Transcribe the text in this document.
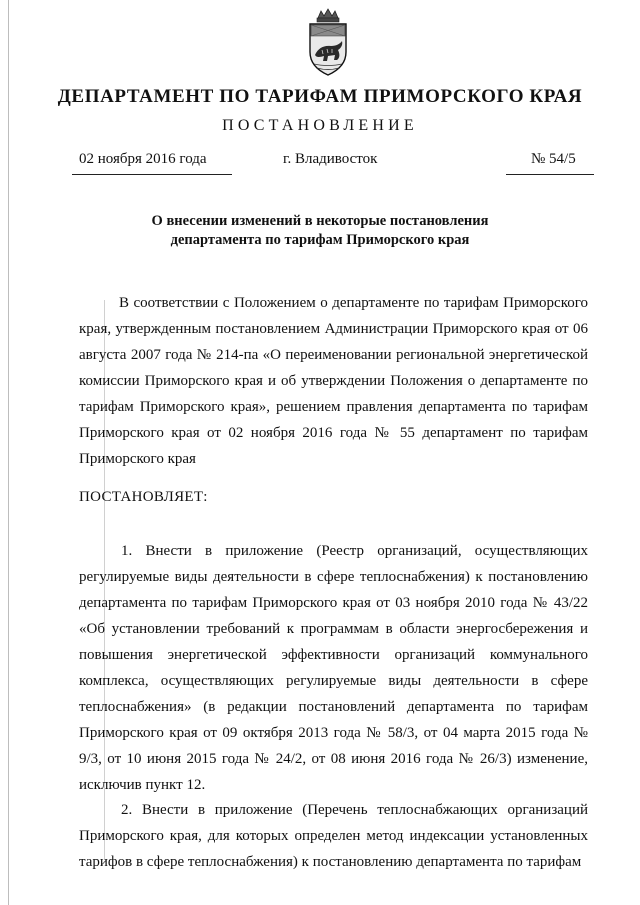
ДЕПАРТАМЕНТ ПО ТАРИФАМ ПРИМОРСКОГО КРАЯ
ПОСТАНОВЛЕНИЕ
02 ноября 2016 года	г. Владивосток	№ 54/5
О внесении изменений в некоторые постановления
департамента по тарифам Приморского края
В соответствии с Положением о департаменте по тарифам Приморского края, утвержденным постановлением Администрации Приморского края от 06 августа 2007 года № 214-па «О переименовании региональной энергетической комиссии Приморского края и об утверждении Положения о департаменте по тарифам Приморского края», решением правления департамента по тарифам Приморского края от 02 ноября 2016 года № 55 департамент по тарифам Приморского края
ПОСТАНОВЛЯЕТ:
1. Внести в приложение (Реестр организаций, осуществляющих регулируемые виды деятельности в сфере теплоснабжения) к постановлению департамента по тарифам Приморского края от 03 ноября 2010 года № 43/22 «Об установлении требований к программам в области энергосбережения и повышения энергетической эффективности организаций коммунального комплекса, осуществляющих регулируемые виды деятельности в сфере теплоснабжения» (в редакции постановлений департамента по тарифам Приморского края от 09 октября 2013 года № 58/3, от 04 марта 2015 года № 9/3, от 10 июня 2015 года № 24/2, от 08 июня 2016 года № 26/3) изменение, исключив пункт 12.
2. Внести в приложение (Перечень теплоснабжающих организаций Приморского края, для которых определен метод индексации установленных тарифов в сфере теплоснабжения) к постановлению департамента по тарифам
